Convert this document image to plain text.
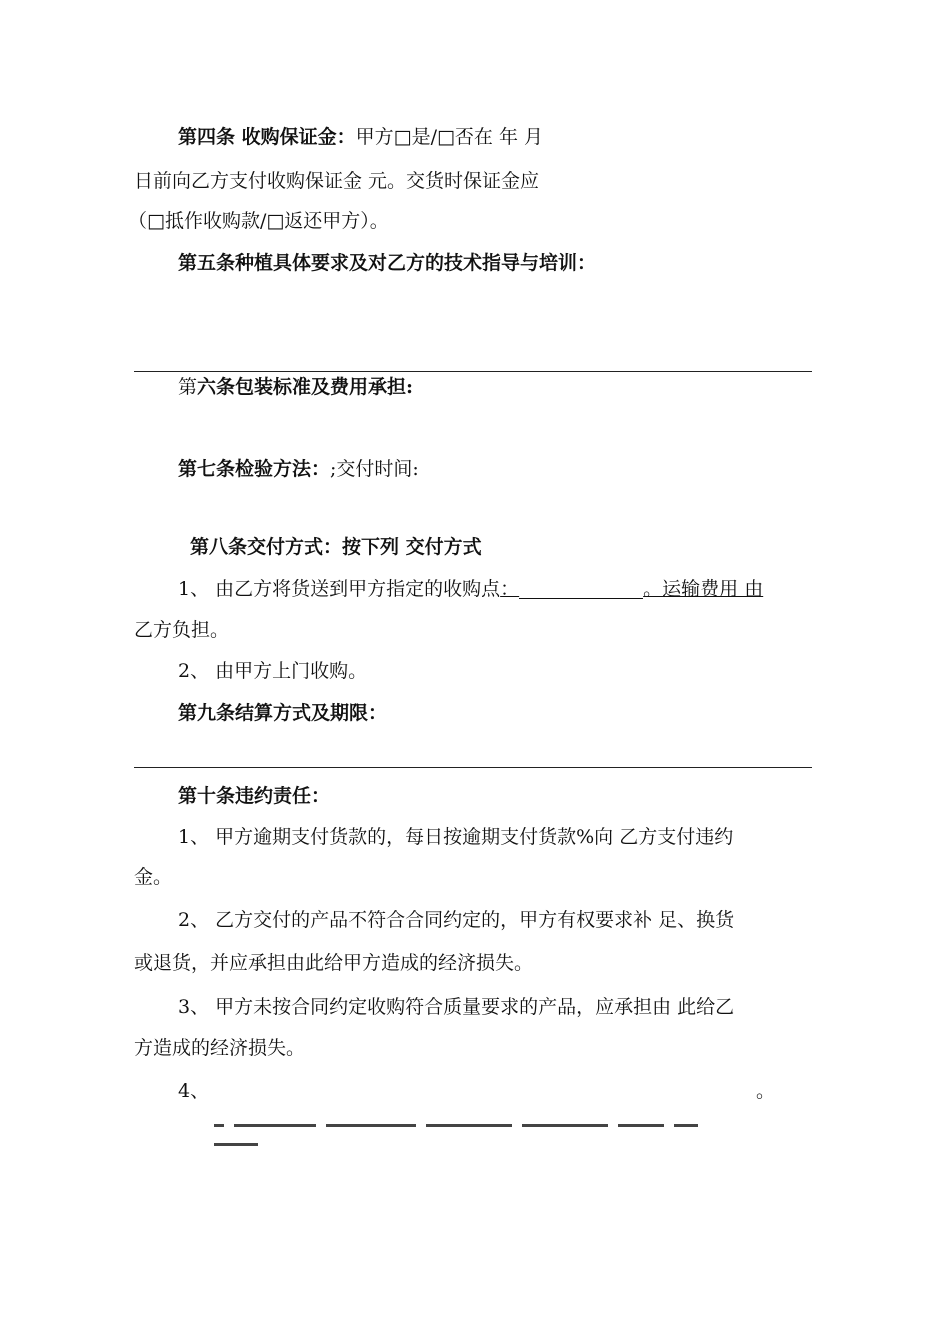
第四条 收购保证金：甲方□是/□否在 年 月
日前向乙方支付收购保证金 元。交货时保证金应
（□抵作收购款/□返还甲方）。
第五条种植具体要求及对乙方的技术指导与培训：
第六条包装标准及费用承担:
第七条检验方法：;交付时间:
第八条交付方式：按下列 交付方式
1、 由乙方将货送到甲方指定的收购点：	。运输费用 由
乙方负担。
2、 由甲方上门收购。
第九条结算方式及期限：
第十条违约责任：
1、 甲方逾期支付货款的，每日按逾期支付货款%向 乙方支付违约
金。
2、 乙方交付的产品不符合合同约定的，甲方有权要求补 足、换货
或退货，并应承担由此给甲方造成的经济损失。
3、 甲方未按合同约定收购符合质量要求的产品，应承担由 此给乙
方造成的经济损失。
4、	。
